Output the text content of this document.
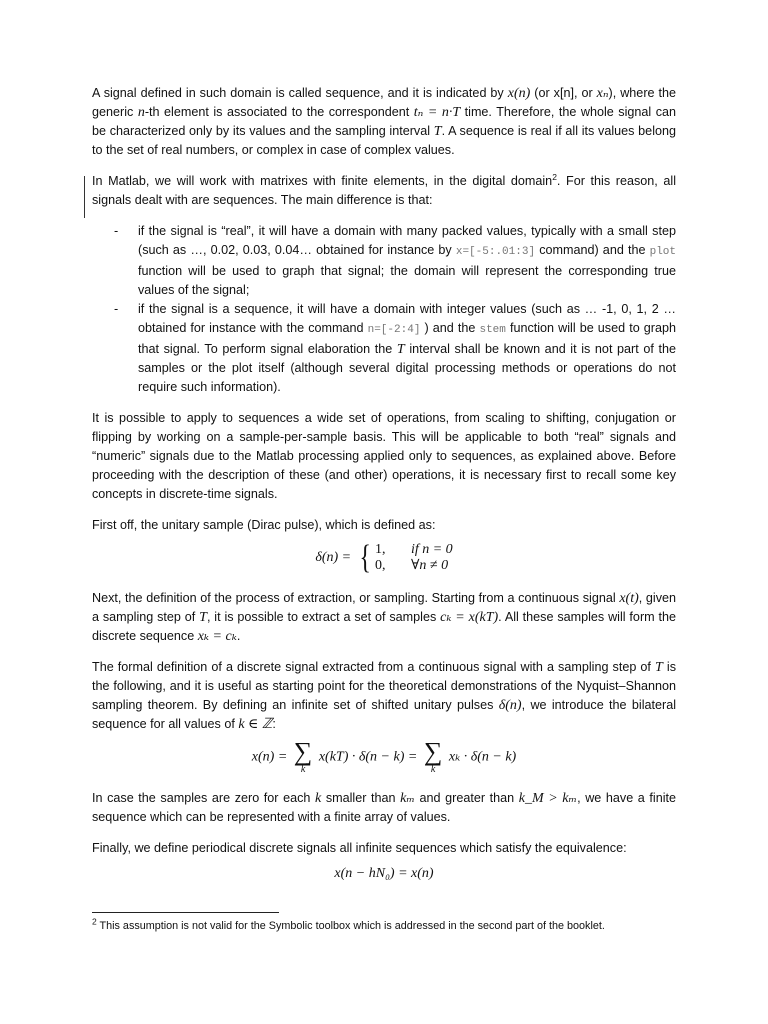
A signal defined in such domain is called sequence, and it is indicated by x(n) (or x[n], or xₙ), where the generic n-th element is associated to the correspondent tₙ = n·T time. Therefore, the whole signal can be characterized only by its values and the sampling interval T. A sequence is real if all its values belong to the set of real numbers, or complex in case of complex values.

In Matlab, we will work with matrixes with finite elements, in the digital domain$^2$. For this reason, all signals dealt with are sequences. The main difference is that:

- if the signal is “real”, it will have a domain with many packed values, typically with a small step (such as …, 0.02, 0.03, 0.04… obtained for instance by x=[-5:.01:3] command) and the plot function will be used to graph that signal; the domain will represent the corresponding true values of the signal;
- if the signal is a sequence, it will have a domain with integer values (such as … -1, 0, 1, 2 … obtained for instance with the command n=[-2:4] ) and the stem function will be used to graph that signal. To perform signal elaboration the T interval shall be known and it is not part of the samples or the plot itself (although several digital processing methods or operations do not require such information).

It is possible to apply to sequences a wide set of operations, from scaling to shifting, conjugation or flipping by working on a sample-per-sample basis. This will be applicable to both “real” signals and “numeric” signals due to the Matlab processing applied only to sequences, as explained above. Before proceeding with the description of these (and other) operations, it is necessary first to recall some key concepts in discrete-time signals.

First off, the unitary sample (Dirac pulse), which is defined as:

δ(n) = { 1, if n = 0
0, ∀n ≠ 0

Next, the definition of the process of extraction, or sampling. Starting from a continuous signal x(t), given a sampling step of T, it is possible to extract a set of samples cₖ = x(kT). All these samples will form the discrete sequence xₖ = cₖ.

The formal definition of a discrete signal extracted from a continuous signal with a sampling step of T is the following, and it is useful as starting point for the theoretical demonstrations of the Nyquist–Shannon sampling theorem. By defining an infinite set of shifted unitary pulses δ(n), we introduce the bilateral sequence for all values of k ∈ ℤ:

x(n) = ∑
k
x(kT) · δ(n − k) = ∑
k
xₖ · δ(n − k)

In case the samples are zero for each k smaller than kₘ and greater than k_M > kₘ, we have a finite sequence which can be represented with a finite array of values.

Finally, we define periodical discrete signals all infinite sequences which satisfy the equivalence:

x(n − hN₀) = x(n)
$^2$ This assumption is not valid for the Symbolic toolbox which is addressed in the second part of the booklet.
